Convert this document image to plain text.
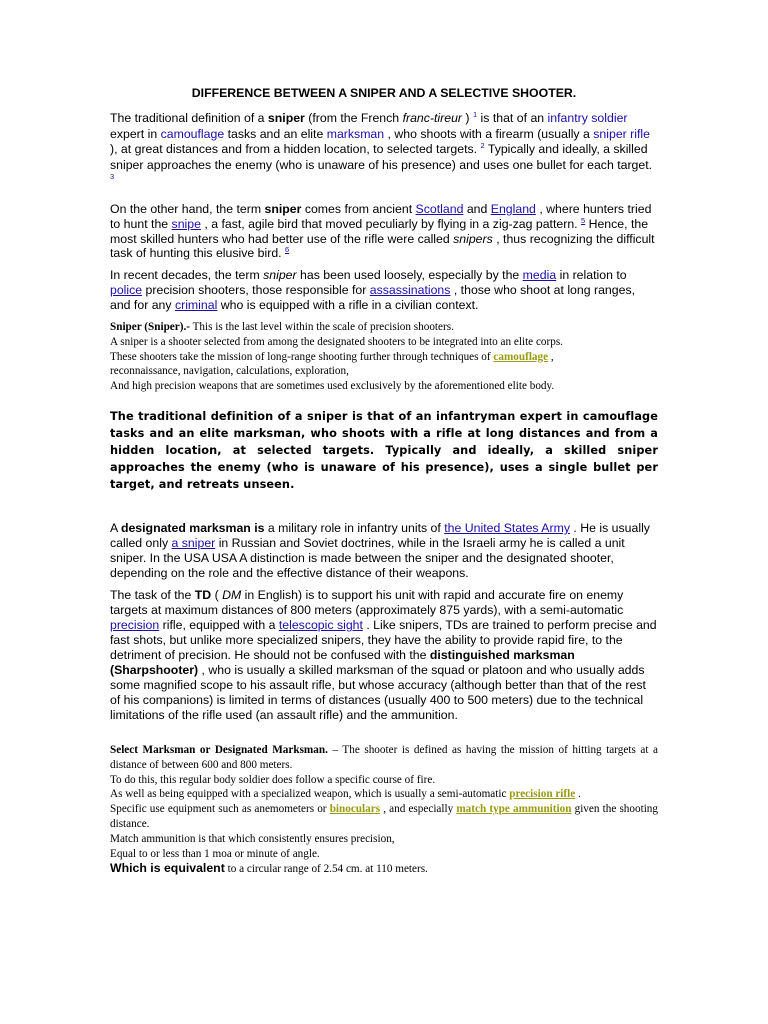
DIFFERENCE BETWEEN A SNIPER AND A SELECTIVE SHOOTER.

The traditional definition of a sniper (from the French franc-tireur ) $^1$ is that of an infantry soldier expert in camouflage tasks and an elite marksman , who shoots with a firearm (usually a sniper rifle ), at great distances and from a hidden location, to selected targets. $^2$ Typically and ideally, a skilled sniper approaches the enemy (who is unaware of his presence) and uses one bullet for each target. $^3$

On the other hand, the term sniper comes from ancient Scotland and England , where hunters tried to hunt the snipe , a fast, agile bird that moved peculiarly by flying in a zig-zag pattern. $^5$ Hence, the most skilled hunters who had better use of the rifle were called snipers , thus recognizing the difficult task of hunting this elusive bird. $^6$

In recent decades, the term sniper has been used loosely, especially by the media in relation to police precision shooters, those responsible for assassinations , those who shoot at long ranges, and for any criminal who is equipped with a rifle in a civilian context.

Sniper (Sniper).- This is the last level within the scale of precision shooters.
A sniper is a shooter selected from among the designated shooters to be integrated into an elite corps.
These shooters take the mission of long-range shooting further through techniques of camouflage ,
reconnaissance, navigation, calculations, exploration,
And high precision weapons that are sometimes used exclusively by the aforementioned elite body.

The traditional definition of a sniper is that of an infantryman expert in camouflage tasks and an elite marksman, who shoots with a rifle at long distances and from a hidden location, at selected targets. Typically and ideally, a skilled sniper approaches the enemy (who is unaware of his presence), uses a single bullet per target, and retreats unseen.

A designated marksman is a military role in infantry units of the United States Army . He is usually called only a sniper in Russian and Soviet doctrines, while in the Israeli army he is called a unit sniper. In the USA USA A distinction is made between the sniper and the designated shooter, depending on the role and the effective distance of their weapons.

The task of the TD ( DM in English) is to support his unit with rapid and accurate fire on enemy targets at maximum distances of 800 meters (approximately 875 yards), with a semi-automatic precision rifle, equipped with a telescopic sight . Like snipers, TDs are trained to perform precise and fast shots, but unlike more specialized snipers, they have the ability to provide rapid fire, to the detriment of precision. He should not be confused with the distinguished marksman (Sharpshooter) , who is usually a skilled marksman of the squad or platoon and who usually adds some magnified scope to his assault rifle, but whose accuracy (although better than that of the rest of his companions) is limited in terms of distances (usually 400 to 500 meters) due to the technical limitations of the rifle used (an assault rifle) and the ammunition.

Select Marksman or Designated Marksman. – The shooter is defined as having the mission of hitting targets at a distance of between 600 and 800 meters.
To do this, this regular body soldier does follow a specific course of fire.
As well as being equipped with a specialized weapon, which is usually a semi-automatic precision rifle .
Specific use equipment such as anemometers or binoculars , and especially match type ammunition given the shooting distance.
Match ammunition is that which consistently ensures precision,
Equal to or less than 1 moa or minute of angle.
Which is equivalent to a circular range of 2.54 cm. at 110 meters.
